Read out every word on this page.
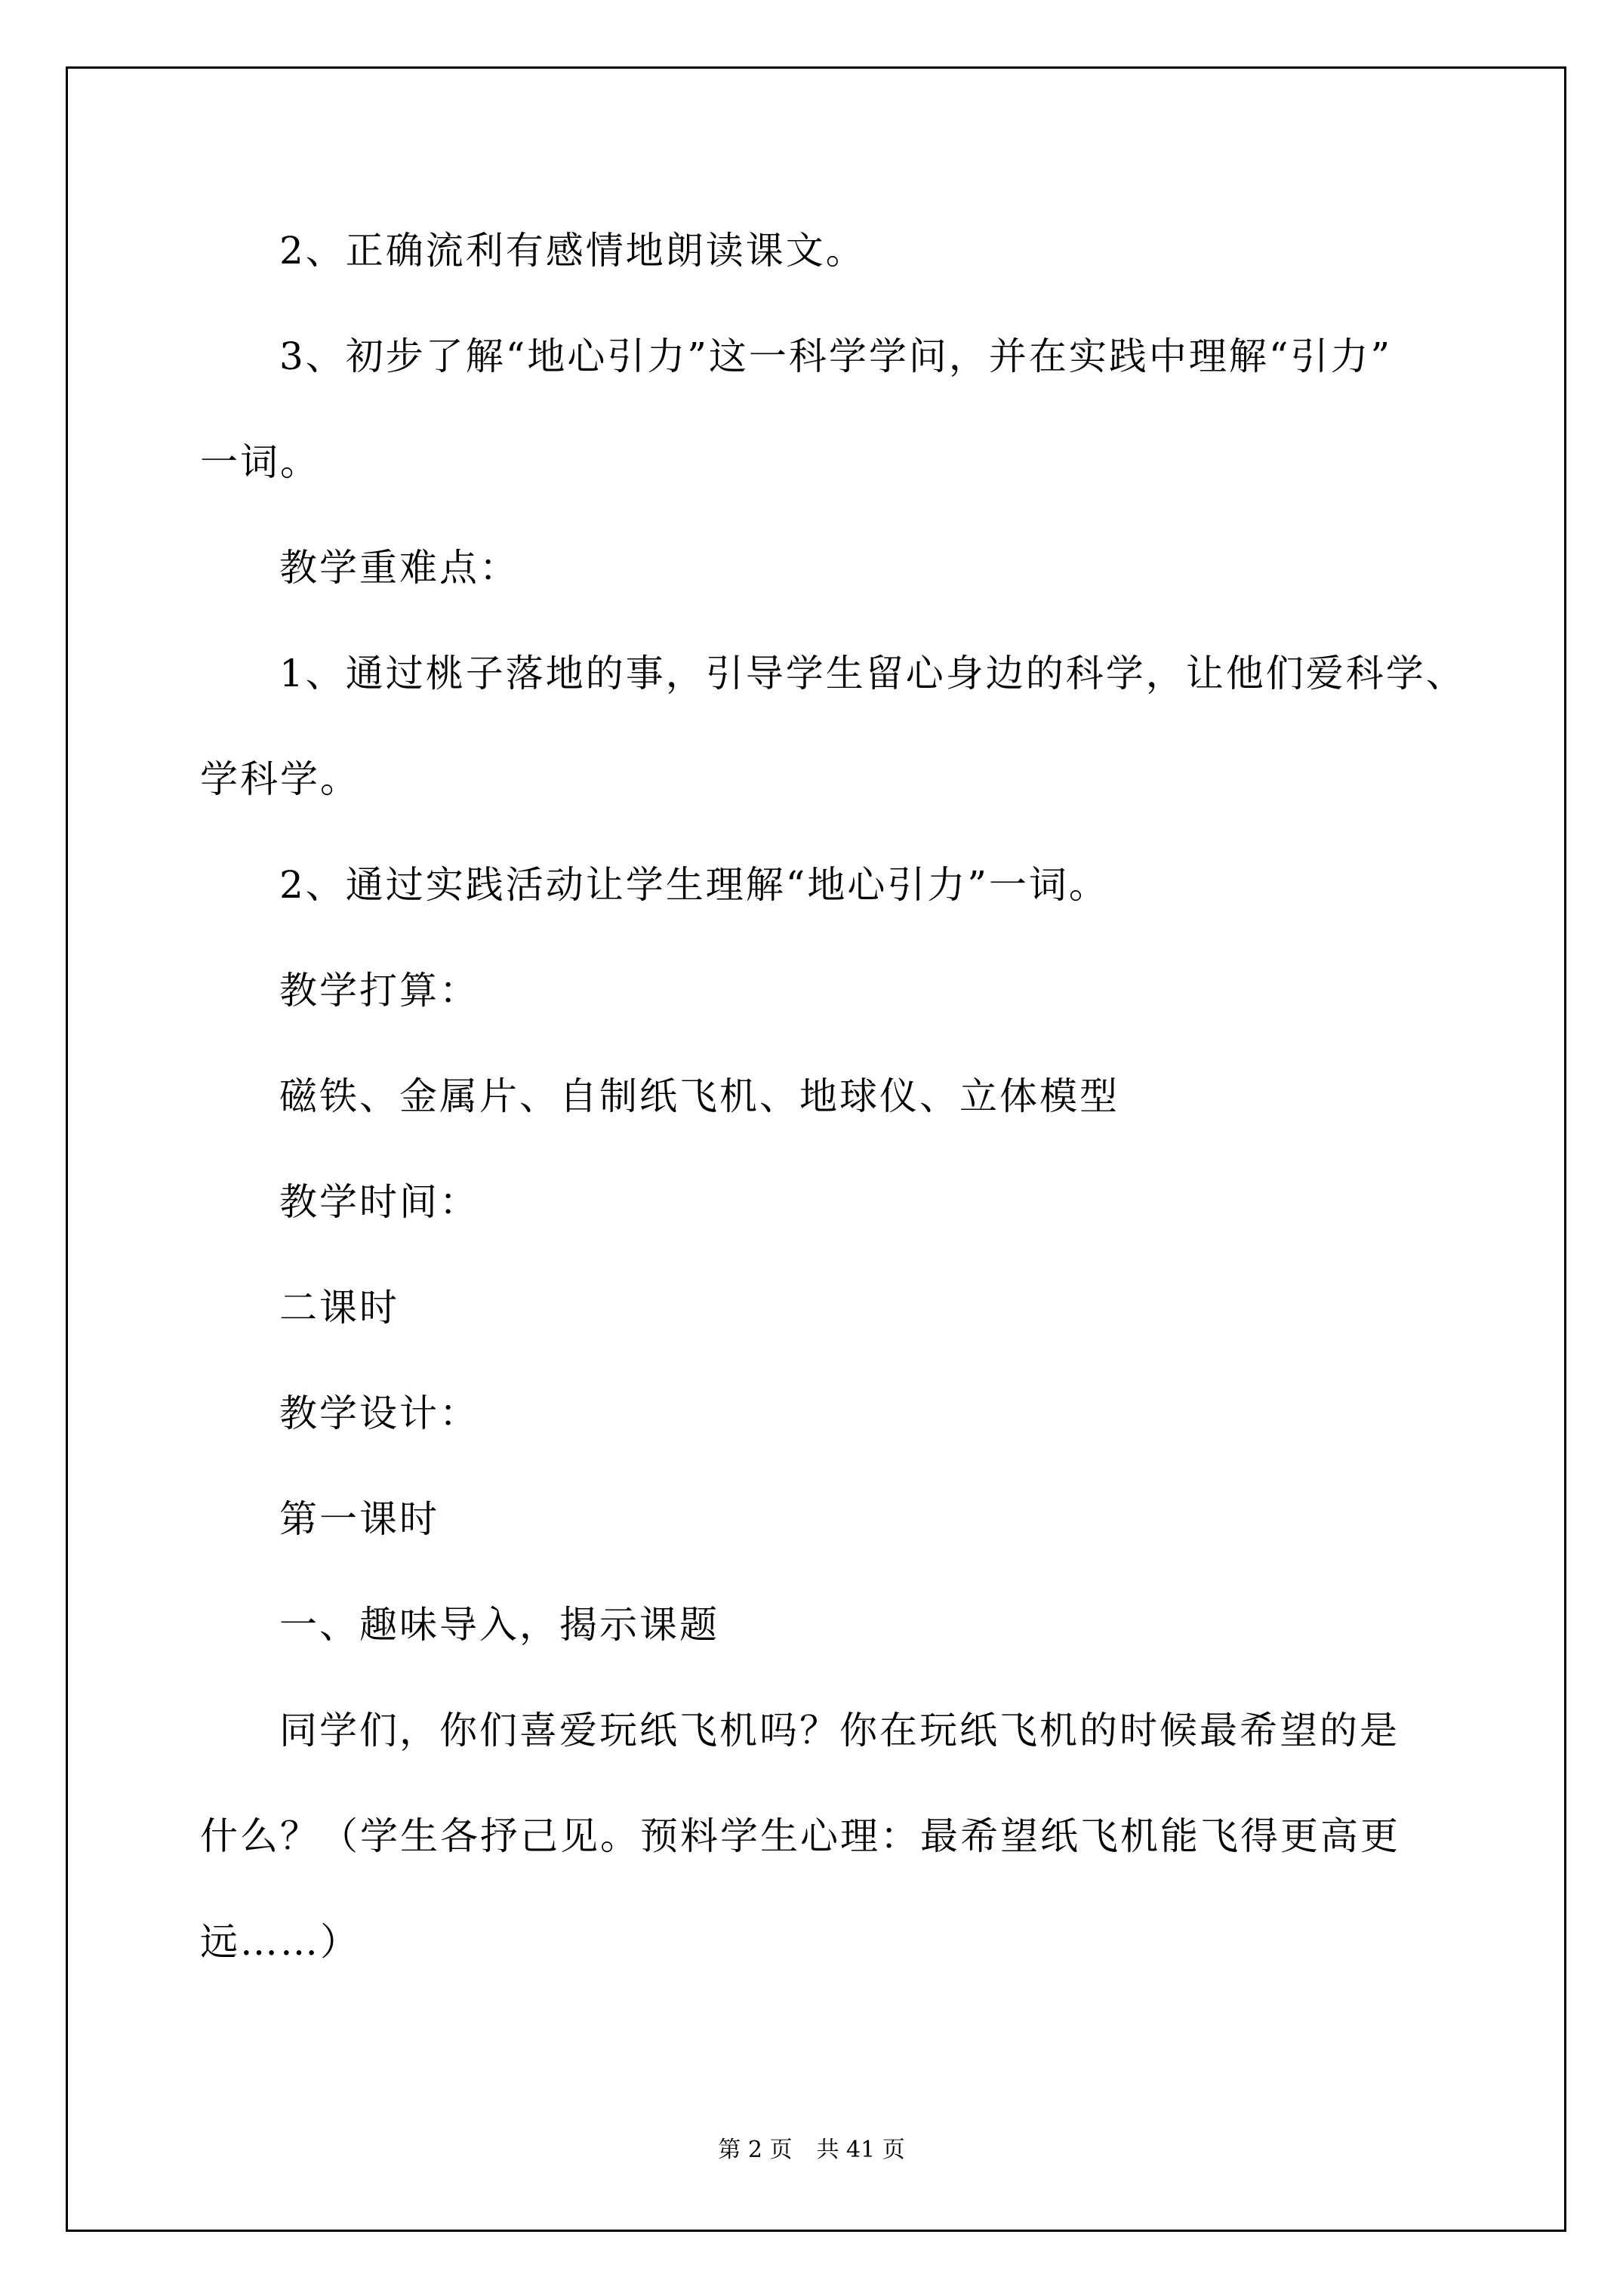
2、正确流利有感情地朗读课文。
3、初步了解“地心引力”这一科学学问，并在实践中理解“引力”
一词。
教学重难点：
1、通过桃子落地的事，引导学生留心身边的科学，让他们爱科学、
学科学。
2、通过实践活动让学生理解“地心引力”一词。
教学打算：
磁铁、金属片、自制纸飞机、地球仪、立体模型
教学时间：
二课时
教学设计：
第一课时
一、趣味导入，揭示课题
同学们，你们喜爱玩纸飞机吗？你在玩纸飞机的时候最希望的是
什么？（学生各抒己见。预料学生心理：最希望纸飞机能飞得更高更
远……）
第 2 页 共 41 页
